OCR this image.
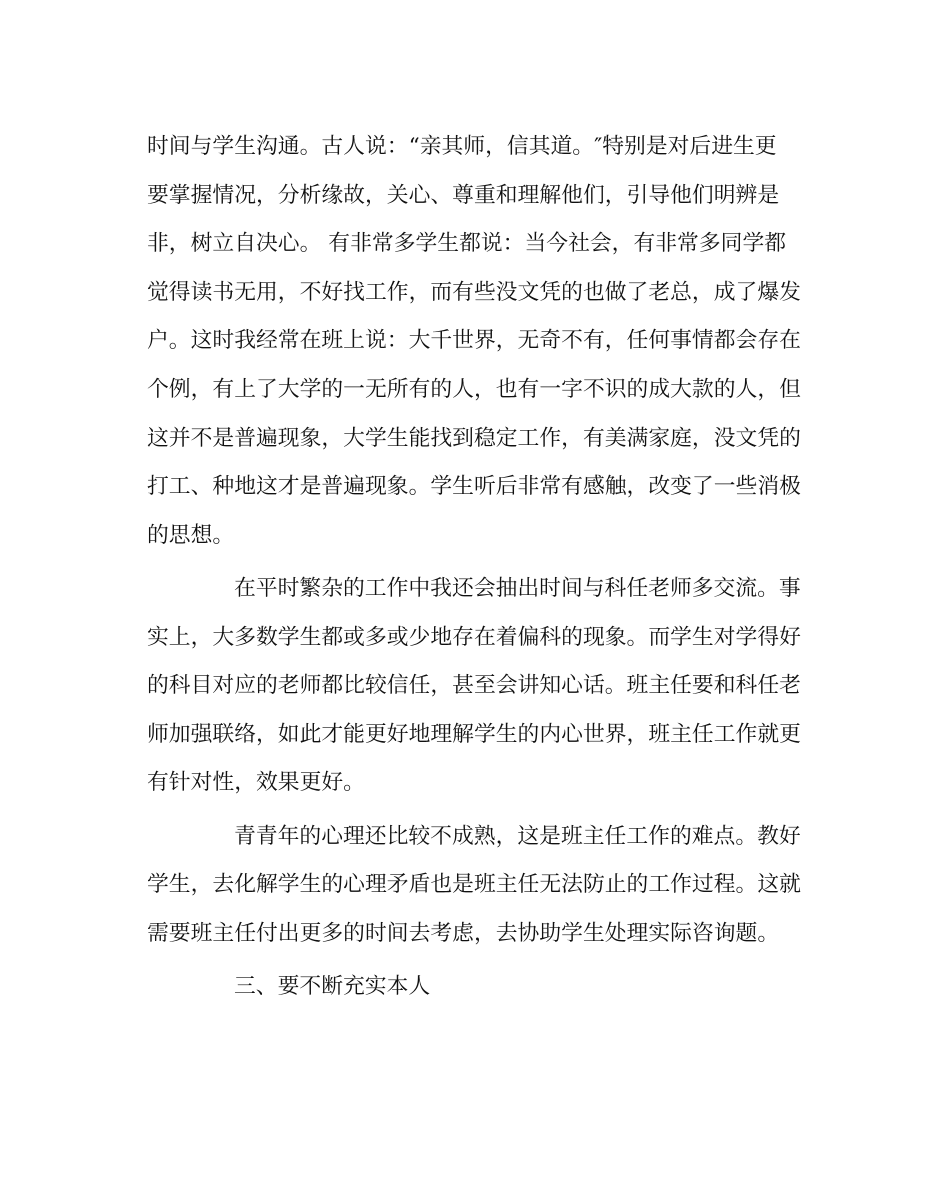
时间与学生沟通。古人说：“亲其师，信其道。″特别是对后进生更
要掌握情况，分析缘故，关心、尊重和理解他们，引导他们明辨是
非，树立自决心。 有非常多学生都说：当今社会，有非常多同学都
觉得读书无用，不好找工作，而有些没文凭的也做了老总，成了爆发
户。这时我经常在班上说：大千世界，无奇不有，任何事情都会存在
个例，有上了大学的一无所有的人，也有一字不识的成大款的人，但
这并不是普遍现象，大学生能找到稳定工作，有美满家庭，没文凭的
打工、种地这才是普遍现象。学生听后非常有感触，改变了一些消极
的思想。
在平时繁杂的工作中我还会抽出时间与科任老师多交流。事
实上，大多数学生都或多或少地存在着偏科的现象。而学生对学得好
的科目对应的老师都比较信任，甚至会讲知心话。班主任要和科任老
师加强联络，如此才能更好地理解学生的内心世界，班主任工作就更
有针对性，效果更好。
青青年的心理还比较不成熟，这是班主任工作的难点。教好
学生，去化解学生的心理矛盾也是班主任无法防止的工作过程。这就
需要班主任付出更多的时间去考虑，去协助学生处理实际咨询题。
三、要不断充实本人
